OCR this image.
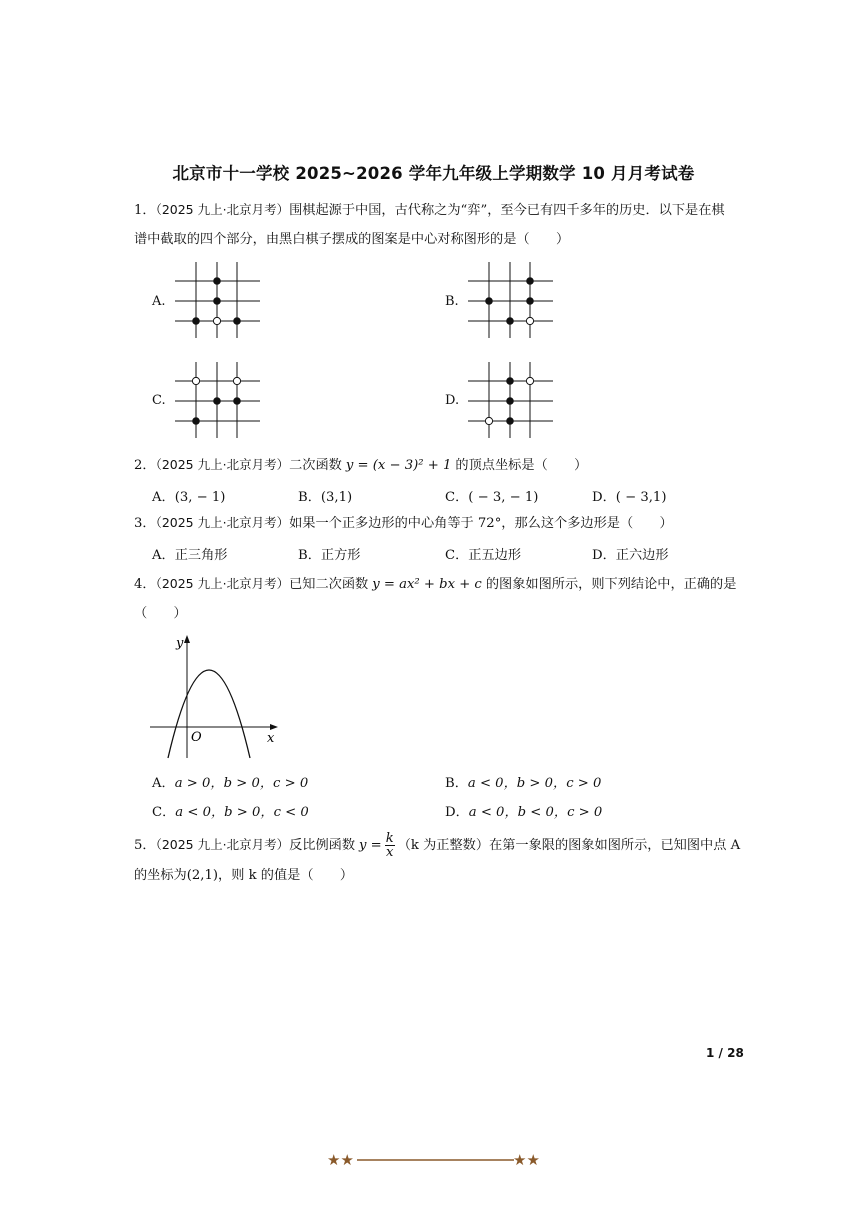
北京市十一学校 2025~2026 学年九年级上学期数学 10 月月考试卷
1．（2025 九上·北京月考）围棋起源于中国，古代称之为“弈”，至今已有四千多年的历史．以下是在棋
谱中截取的四个部分，由黑白棋子摆成的图案是中心对称图形的是（　　）
A.	B.
C.	D.
2．（2025 九上·北京月考）二次函数 y = (x − 3)² + 1 的顶点坐标是（　　）
A．(3, − 1)	B．(3,1)	C．( − 3, − 1)	D．( − 3,1)
3．（2025 九上·北京月考）如果一个正多边形的中心角等于 72°，那么这个多边形是（　　）
A．正三角形	B．正方形	C．正五边形	D．正六边形
4．（2025 九上·北京月考）已知二次函数 y = ax² + bx + c 的图象如图所示，则下列结论中，正确的是
（　　）
y
x
O
A．a > 0，b > 0，c > 0	B．a < 0，b > 0，c > 0
C．a < 0，b > 0，c < 0	D．a < 0，b < 0，c > 0
5．（2025 九上·北京月考）反比例函数 $y = \frac{k}{x} (k$ 为正整数）在第一象限的图象如图所示，已知图中点 A
的坐标为(2,1)，则 k 的值是（　　）
1 / 28
★★	★★
